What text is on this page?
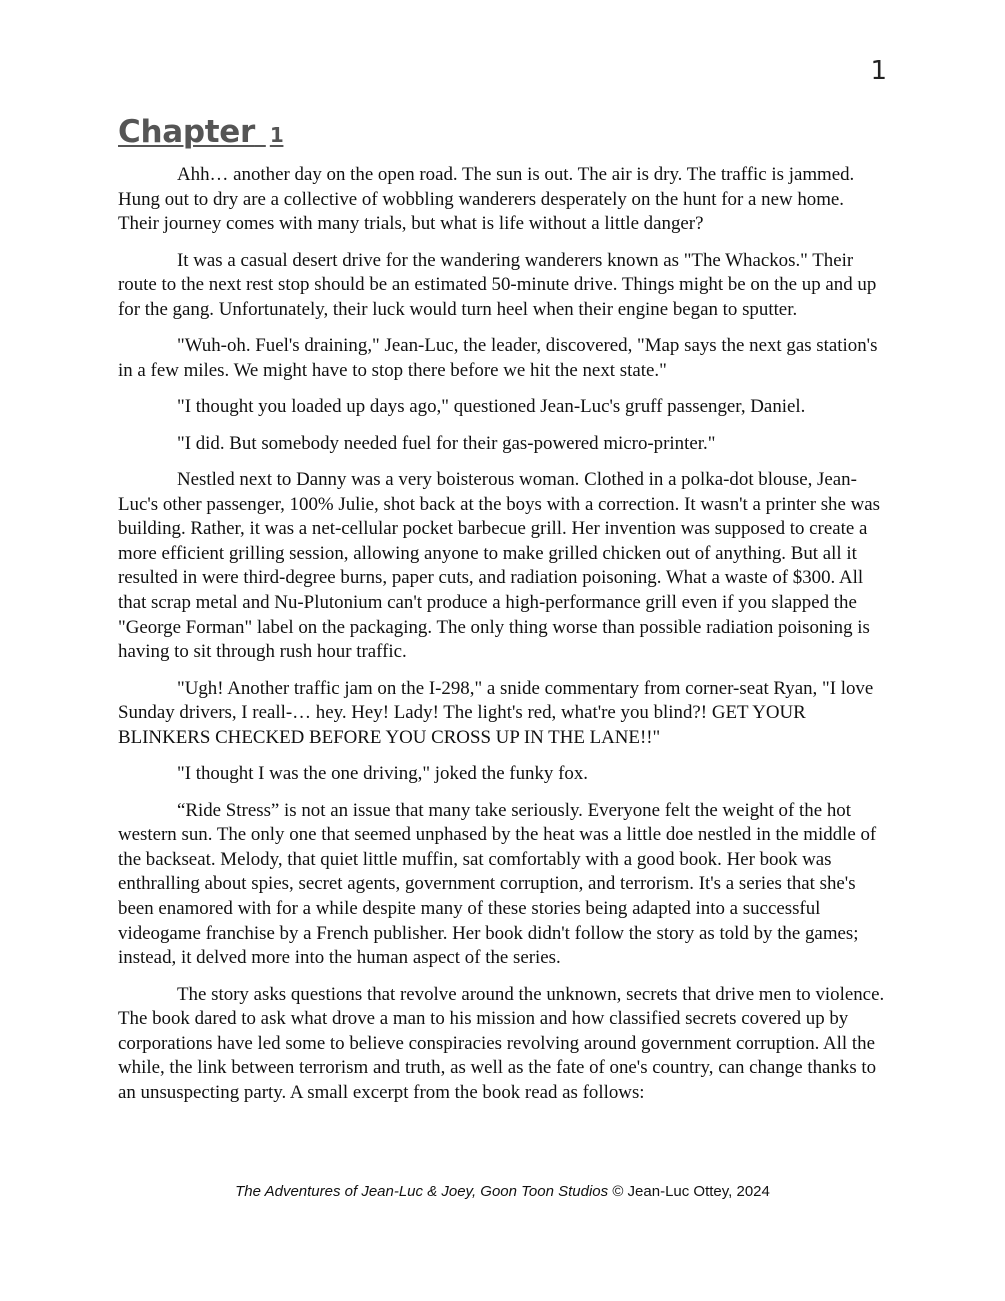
1
Chapter 1

Ahh… another day on the open road. The sun is out. The air is dry. The traffic is jammed. Hung out to dry are a collective of wobbling wanderers desperately on the hunt for a new home. Their journey comes with many trials, but what is life without a little danger?

It was a casual desert drive for the wandering wanderers known as "The Whackos." Their route to the next rest stop should be an estimated 50-minute drive. Things might be on the up and up for the gang. Unfortunately, their luck would turn heel when their engine began to sputter.

"Wuh-oh. Fuel's draining," Jean-Luc, the leader, discovered, "Map says the next gas station's in a few miles. We might have to stop there before we hit the next state."

"I thought you loaded up days ago," questioned Jean-Luc's gruff passenger, Daniel.

"I did. But somebody needed fuel for their gas-powered micro-printer."

Nestled next to Danny was a very boisterous woman. Clothed in a polka-dot blouse, Jean-Luc's other passenger, 100% Julie, shot back at the boys with a correction. It wasn't a printer she was building. Rather, it was a net-cellular pocket barbecue grill. Her invention was supposed to create a more efficient grilling session, allowing anyone to make grilled chicken out of anything. But all it resulted in were third-degree burns, paper cuts, and radiation poisoning. What a waste of $300. All that scrap metal and Nu-Plutonium can't produce a high-performance grill even if you slapped the "George Forman" label on the packaging. The only thing worse than possible radiation poisoning is having to sit through rush hour traffic.

"Ugh! Another traffic jam on the I-298," a snide commentary from corner-seat Ryan, "I love Sunday drivers, I reall-… hey. Hey! Lady! The light's red, what're you blind?! GET YOUR BLINKERS CHECKED BEFORE YOU CROSS UP IN THE LANE!!"

"I thought I was the one driving," joked the funky fox.

“Ride Stress” is not an issue that many take seriously. Everyone felt the weight of the hot western sun. The only one that seemed unphased by the heat was a little doe nestled in the middle of the backseat. Melody, that quiet little muffin, sat comfortably with a good book. Her book was enthralling about spies, secret agents, government corruption, and terrorism. It's a series that she's been enamored with for a while despite many of these stories being adapted into a successful videogame franchise by a French publisher. Her book didn't follow the story as told by the games; instead, it delved more into the human aspect of the series.

The story asks questions that revolve around the unknown, secrets that drive men to violence. The book dared to ask what drove a man to his mission and how classified secrets covered up by corporations have led some to believe conspiracies revolving around government corruption. All the while, the link between terrorism and truth, as well as the fate of one's country, can change thanks to an unsuspecting party. A small excerpt from the book read as follows:

The Adventures of Jean-Luc & Joey, Goon Toon Studios © Jean-Luc Ottey, 2024
